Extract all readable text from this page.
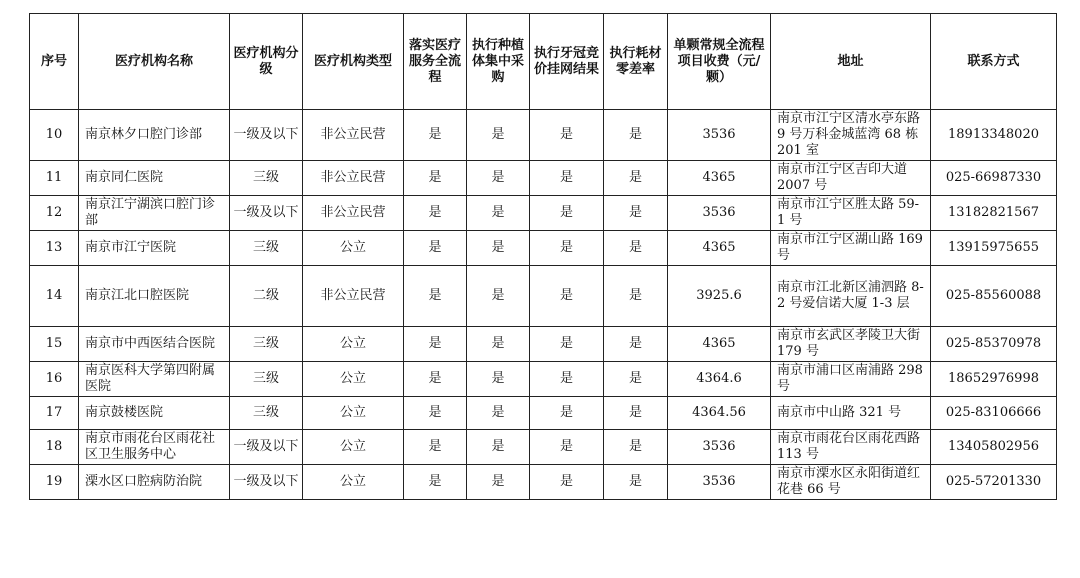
序号	医疗机构名称	医疗机构分级	医疗机构类型	落实医疗服务全流程	执行种植体集中采购	执行牙冠竞价挂网结果	执行耗材零差率	单颗常规全流程项目收费（元/颗）	地址	联系方式
10	南京林夕口腔门诊部	一级及以下	非公立民营	是	是	是	是	3536	南京市江宁区清水亭东路 9 号万科金城蓝湾 68 栋 201 室	18913348020
11	南京同仁医院	三级	非公立民营	是	是	是	是	4365	南京市江宁区吉印大道 2007 号	025-66987330
12	南京江宁湖滨口腔门诊部	一级及以下	非公立民营	是	是	是	是	3536	南京市江宁区胜太路 59-1 号	13182821567
13	南京市江宁医院	三级	公立	是	是	是	是	4365	南京市江宁区湖山路 169 号	13915975655
14	南京江北口腔医院	二级	非公立民营	是	是	是	是	3925.6	南京市江北新区浦泗路 8-2 号爱信诺大厦 1-3 层	025-85560088
15	南京市中西医结合医院	三级	公立	是	是	是	是	4365	南京市玄武区孝陵卫大街 179 号	025-85370978
16	南京医科大学第四附属医院	三级	公立	是	是	是	是	4364.6	南京市浦口区南浦路 298 号	18652976998
17	南京鼓楼医院	三级	公立	是	是	是	是	4364.56	南京市中山路 321 号	025-83106666
18	南京市雨花台区雨花社区卫生服务中心	一级及以下	公立	是	是	是	是	3536	南京市雨花台区雨花西路 113 号	13405802956
19	溧水区口腔病防治院	一级及以下	公立	是	是	是	是	3536	南京市溧水区永阳街道红花巷 66 号	025-57201330
